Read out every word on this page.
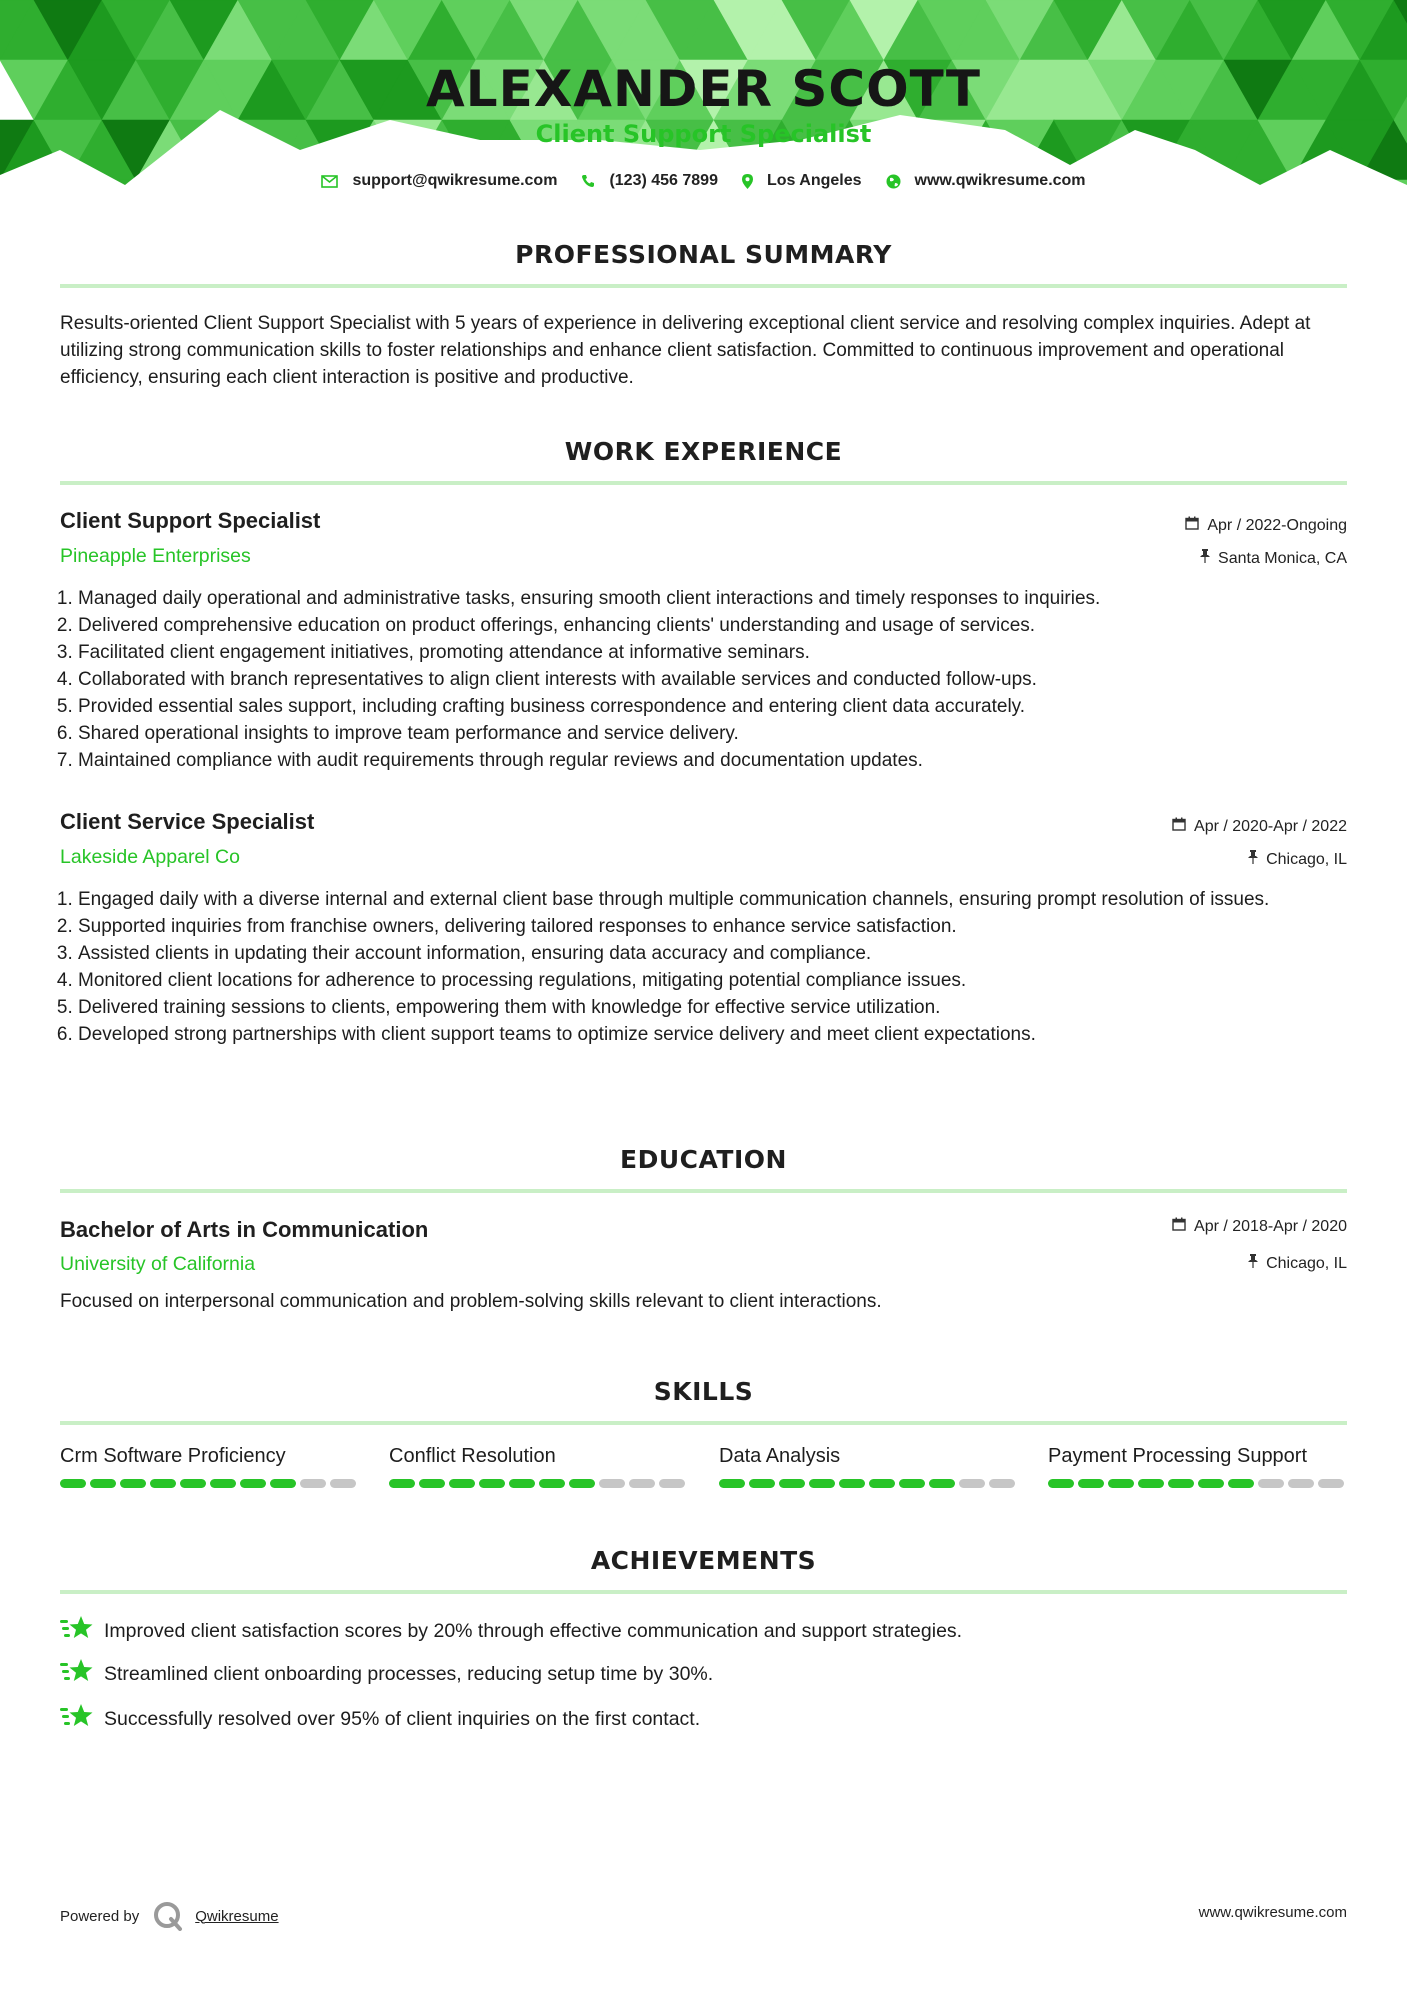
ALEXANDER SCOTT
Client Support Specialist
support@qwikresume.com	(123) 456 7899	Los Angeles	www.qwikresume.com
PROFESSIONAL SUMMARY
Results-oriented Client Support Specialist with 5 years of experience in delivering exceptional client service and resolving complex inquiries. Adept at utilizing strong communication skills to foster relationships and enhance client satisfaction. Committed to continuous improvement and operational efficiency, ensuring each client interaction is positive and productive.
WORK EXPERIENCE
Client Support Specialist	Apr / 2022-Ongoing
Pineapple Enterprises	Santa Monica, CA
1. Managed daily operational and administrative tasks, ensuring smooth client interactions and timely responses to inquiries.
2. Delivered comprehensive education on product offerings, enhancing clients' understanding and usage of services.
3. Facilitated client engagement initiatives, promoting attendance at informative seminars.
4. Collaborated with branch representatives to align client interests with available services and conducted follow-ups.
5. Provided essential sales support, including crafting business correspondence and entering client data accurately.
6. Shared operational insights to improve team performance and service delivery.
7. Maintained compliance with audit requirements through regular reviews and documentation updates.
Client Service Specialist	Apr / 2020-Apr / 2022
Lakeside Apparel Co	Chicago, IL
1. Engaged daily with a diverse internal and external client base through multiple communication channels, ensuring prompt resolution of issues.
2. Supported inquiries from franchise owners, delivering tailored responses to enhance service satisfaction.
3. Assisted clients in updating their account information, ensuring data accuracy and compliance.
4. Monitored client locations for adherence to processing regulations, mitigating potential compliance issues.
5. Delivered training sessions to clients, empowering them with knowledge for effective service utilization.
6. Developed strong partnerships with client support teams to optimize service delivery and meet client expectations.
EDUCATION
Bachelor of Arts in Communication	Apr / 2018-Apr / 2020
University of California	Chicago, IL
Focused on interpersonal communication and problem-solving skills relevant to client interactions.
SKILLS
Crm Software Proficiency	Conflict Resolution	Data Analysis	Payment Processing Support
ACHIEVEMENTS
Improved client satisfaction scores by 20% through effective communication and support strategies.
Streamlined client onboarding processes, reducing setup time by 30%.
Successfully resolved over 95% of client inquiries on the first contact.
Powered by	Qwikresume	www.qwikresume.com
